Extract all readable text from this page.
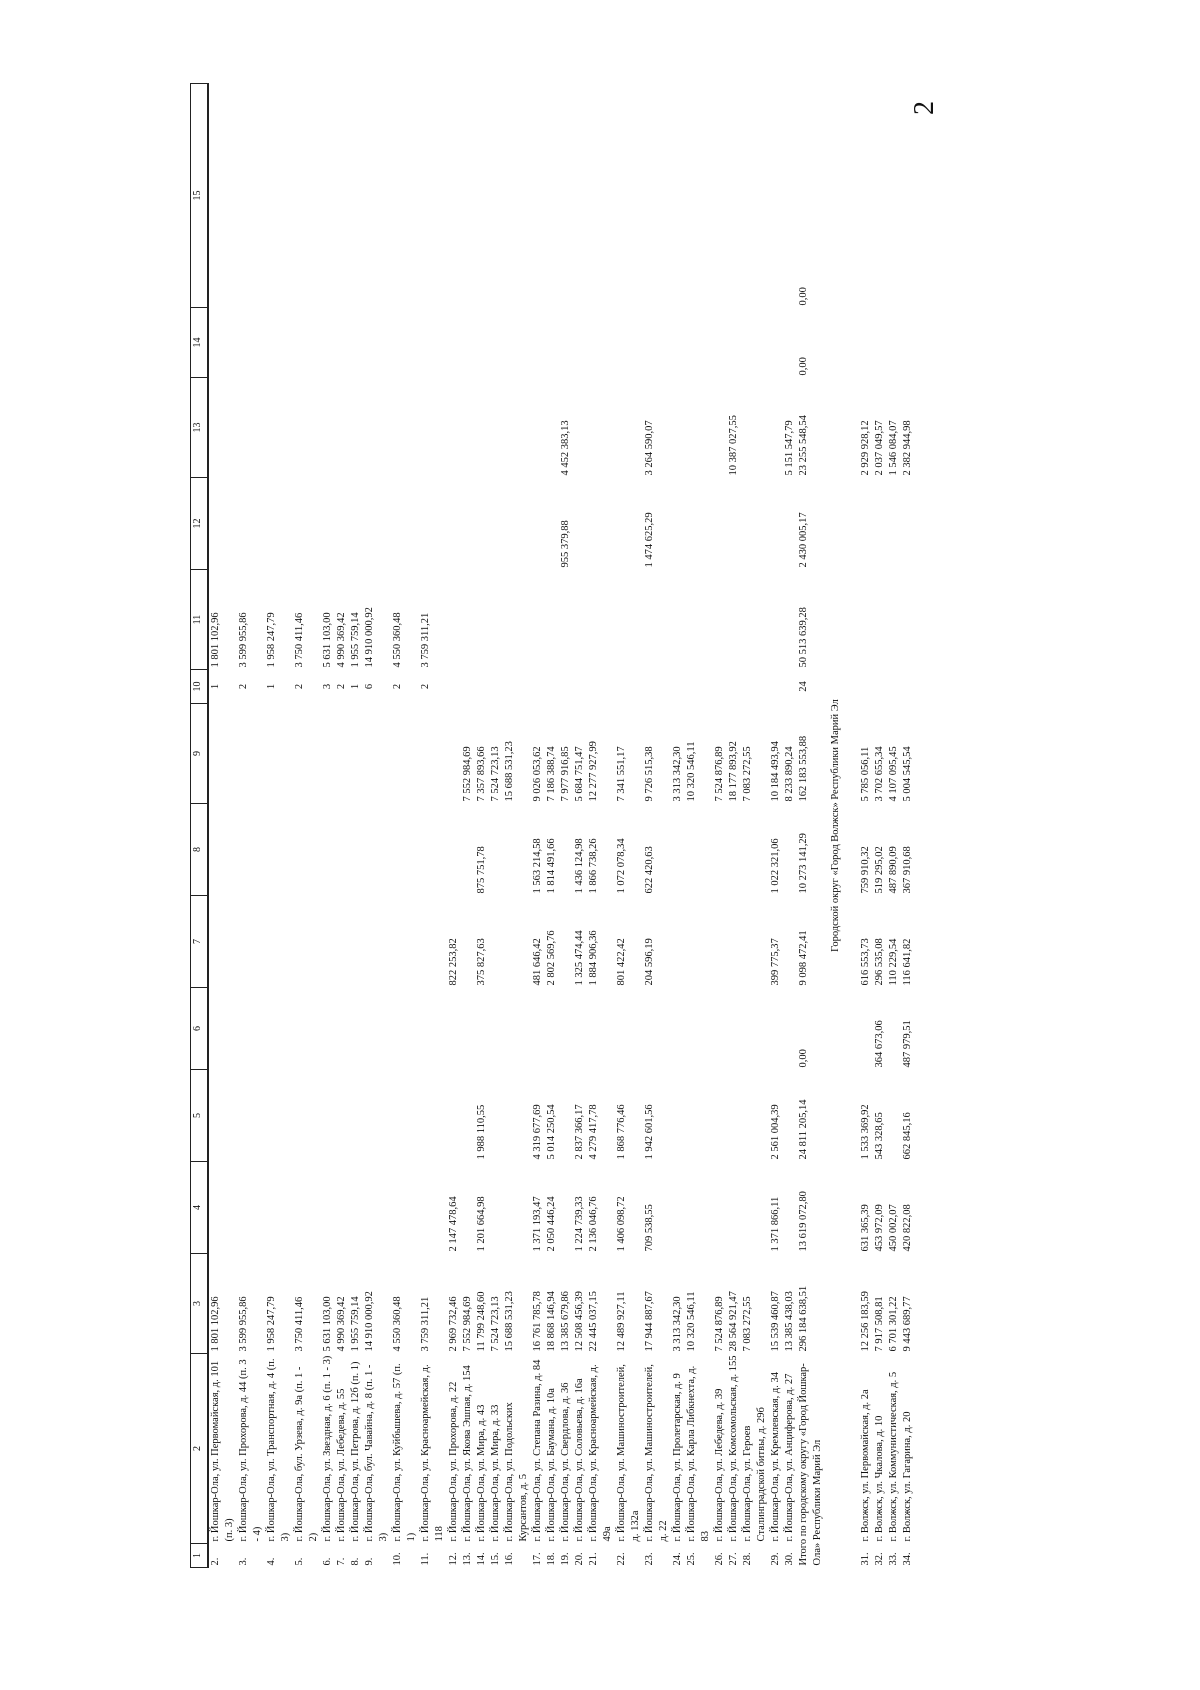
2
1	2	3	4	5	6	7	8	9	10	11	12	13	14	15
2.	г. Йошкар-Ола, ул. Первомайская, д. 101 (п. 3)	1 801 102,96							1	1 801 102,96				
3.	г. Йошкар-Ола, ул. Прохорова, д. 44 (п. 3 - 4)	3 599 955,86							2	3 599 955,86				
4.	г. Йошкар-Ола, ул. Транспортная, д. 4 (п. 3)	1 958 247,79							1	1 958 247,79				
5.	г. Йошкар-Ола, бул. Урзева, д. 9а (п. 1 - 2)	3 750 411,46							2	3 750 411,46				
6.	г. Йошкар-Ола, ул. Звездная, д. 6 (п. 1 - 3)	5 631 103,00							3	5 631 103,00				
7.	г. Йошкар-Ола, ул. Лебедева, д. 55	4 990 369,42							2	4 990 369,42				
8.	г. Йошкар-Ола, ул. Петрова, д. 12б (п. 1)	1 955 759,14							1	1 955 759,14				
9.	г. Йошкар-Ола, бул. Чавайна, д. 8 (п. 1 - 3)	14 910 000,92							6	14 910 000,92				
10.	г. Йошкар-Ола, ул. Куйбышева, д. 57 (п. 1)	4 550 360,48							2	4 550 360,48				
11.	г. Йошкар-Ола, ул. Красноармейская, д. 118	3 759 311,21							2	3 759 311,21				
12.	г. Йошкар-Ола, ул. Прохорова, д. 22	2 969 732,46	2 147 478,64			822 253,82								
13.	г. Йошкар-Ола, ул. Якова Эшпая, д. 154	7 552 984,69						7 552 984,69						
14.	г. Йошкар-Ола, ул. Мира, д. 43	11 799 248,60	1 201 664,98	1 988 110,55		375 827,63	875 751,78	7 357 893,66						
15.	г. Йошкар-Ола, ул. Мира, д. 33	7 524 723,13						7 524 723,13						
16.	г. Йошкар-Ола, ул. Подольских Курсантов, д. 5	15 688 531,23						15 688 531,23						
17.	г. Йошкар-Ола, ул. Степана Разина, д. 84	16 761 785,78	1 371 193,47	4 319 677,69		481 646,42	1 563 214,58	9 026 053,62						
18.	г. Йошкар-Ола, ул. Баумана, д. 10а	18 868 146,94	2 050 446,24	5 014 250,54		2 802 569,76	1 814 491,66	7 186 388,74						
19.	г. Йошкар-Ола, ул. Свердлова, д. 36	13 385 679,86						7 977 916,85			955 379,88	4 452 383,13		
20.	г. Йошкар-Ола, ул. Соловьева, д. 16а	12 508 456,39	1 224 739,33	2 837 366,17		1 325 474,44	1 436 124,98	5 684 751,47						
21.	г. Йошкар-Ола, ул. Красноармейская, д. 49а	22 445 037,15	2 136 046,76	4 279 417,78		1 884 906,36	1 866 738,26	12 277 927,99						
22.	г. Йошкар-Ола, ул. Машиностроителей, д. 132а	12 489 927,11	1 406 098,72	1 868 776,46		801 422,42	1 072 078,34	7 341 551,17						
23.	г. Йошкар-Ола, ул. Машиностроителей, д. 22	17 944 887,67	709 538,55	1 942 601,56		204 596,19	622 420,63	9 726 515,38			1 474 625,29	3 264 590,07		
24.	г. Йошкар-Ола, ул. Пролетарская, д. 9	3 313 342,30						3 313 342,30						
25.	г. Йошкар-Ола, ул. Карла Либкнехта, д. 83	10 320 546,11						10 320 546,11						
26.	г. Йошкар-Ола, ул. Лебедева, д. 39	7 524 876,89						7 524 876,89						
27.	г. Йошкар-Ола, ул. Комсомольская, д. 155	28 564 921,47						18 177 893,92				10 387 027,55		
28.	г. Йошкар-Ола, ул. Героев Сталинградской битвы, д. 29б	7 083 272,55						7 083 272,55						
29.	г. Йошкар-Ола, ул. Кремлевская, д. 34	15 539 460,87	1 371 866,11	2 561 004,39		399 775,37	1 022 321,06	10 184 493,94						
30.	г. Йошкар-Ола, ул. Анциферова, д. 27	13 385 438,03						8 233 890,24				5 151 547,79		
Итого по городскому округу «Город Йошкар-Ола» Республики Марий Эл		296 184 638,51	13 619 072,80	24 811 205,14	0,00	9 098 472,41	10 273 141,29	162 183 553,88	24	50 513 639,28	2 430 005,17	23 255 548,54	0,00	0,00
Городской округ «Город Волжск» Республики Марий Эл														

31.	г. Волжск, ул. Первомайская, д. 2а	12 256 183,59	631 365,39	1 533 369,92		616 553,73	759 910,32	5 785 056,11				2 929 928,12		
32.	г. Волжск, ул. Чкалова, д. 10	7 917 508,81	453 972,09	543 328,65	364 673,06	296 535,08	519 295,02	3 702 655,34				2 037 049,57		
33.	г. Волжск, ул. Коммунистическая, д. 5	6 701 301,22	450 002,07			110 229,54	487 890,09	4 107 095,45				1 546 084,07		
34.	г. Волжск, ул. Гагарина, д. 20	9 443 689,77	420 822,08	662 845,16	487 979,51	116 641,82	367 910,68	5 004 545,54				2 382 944,98		
